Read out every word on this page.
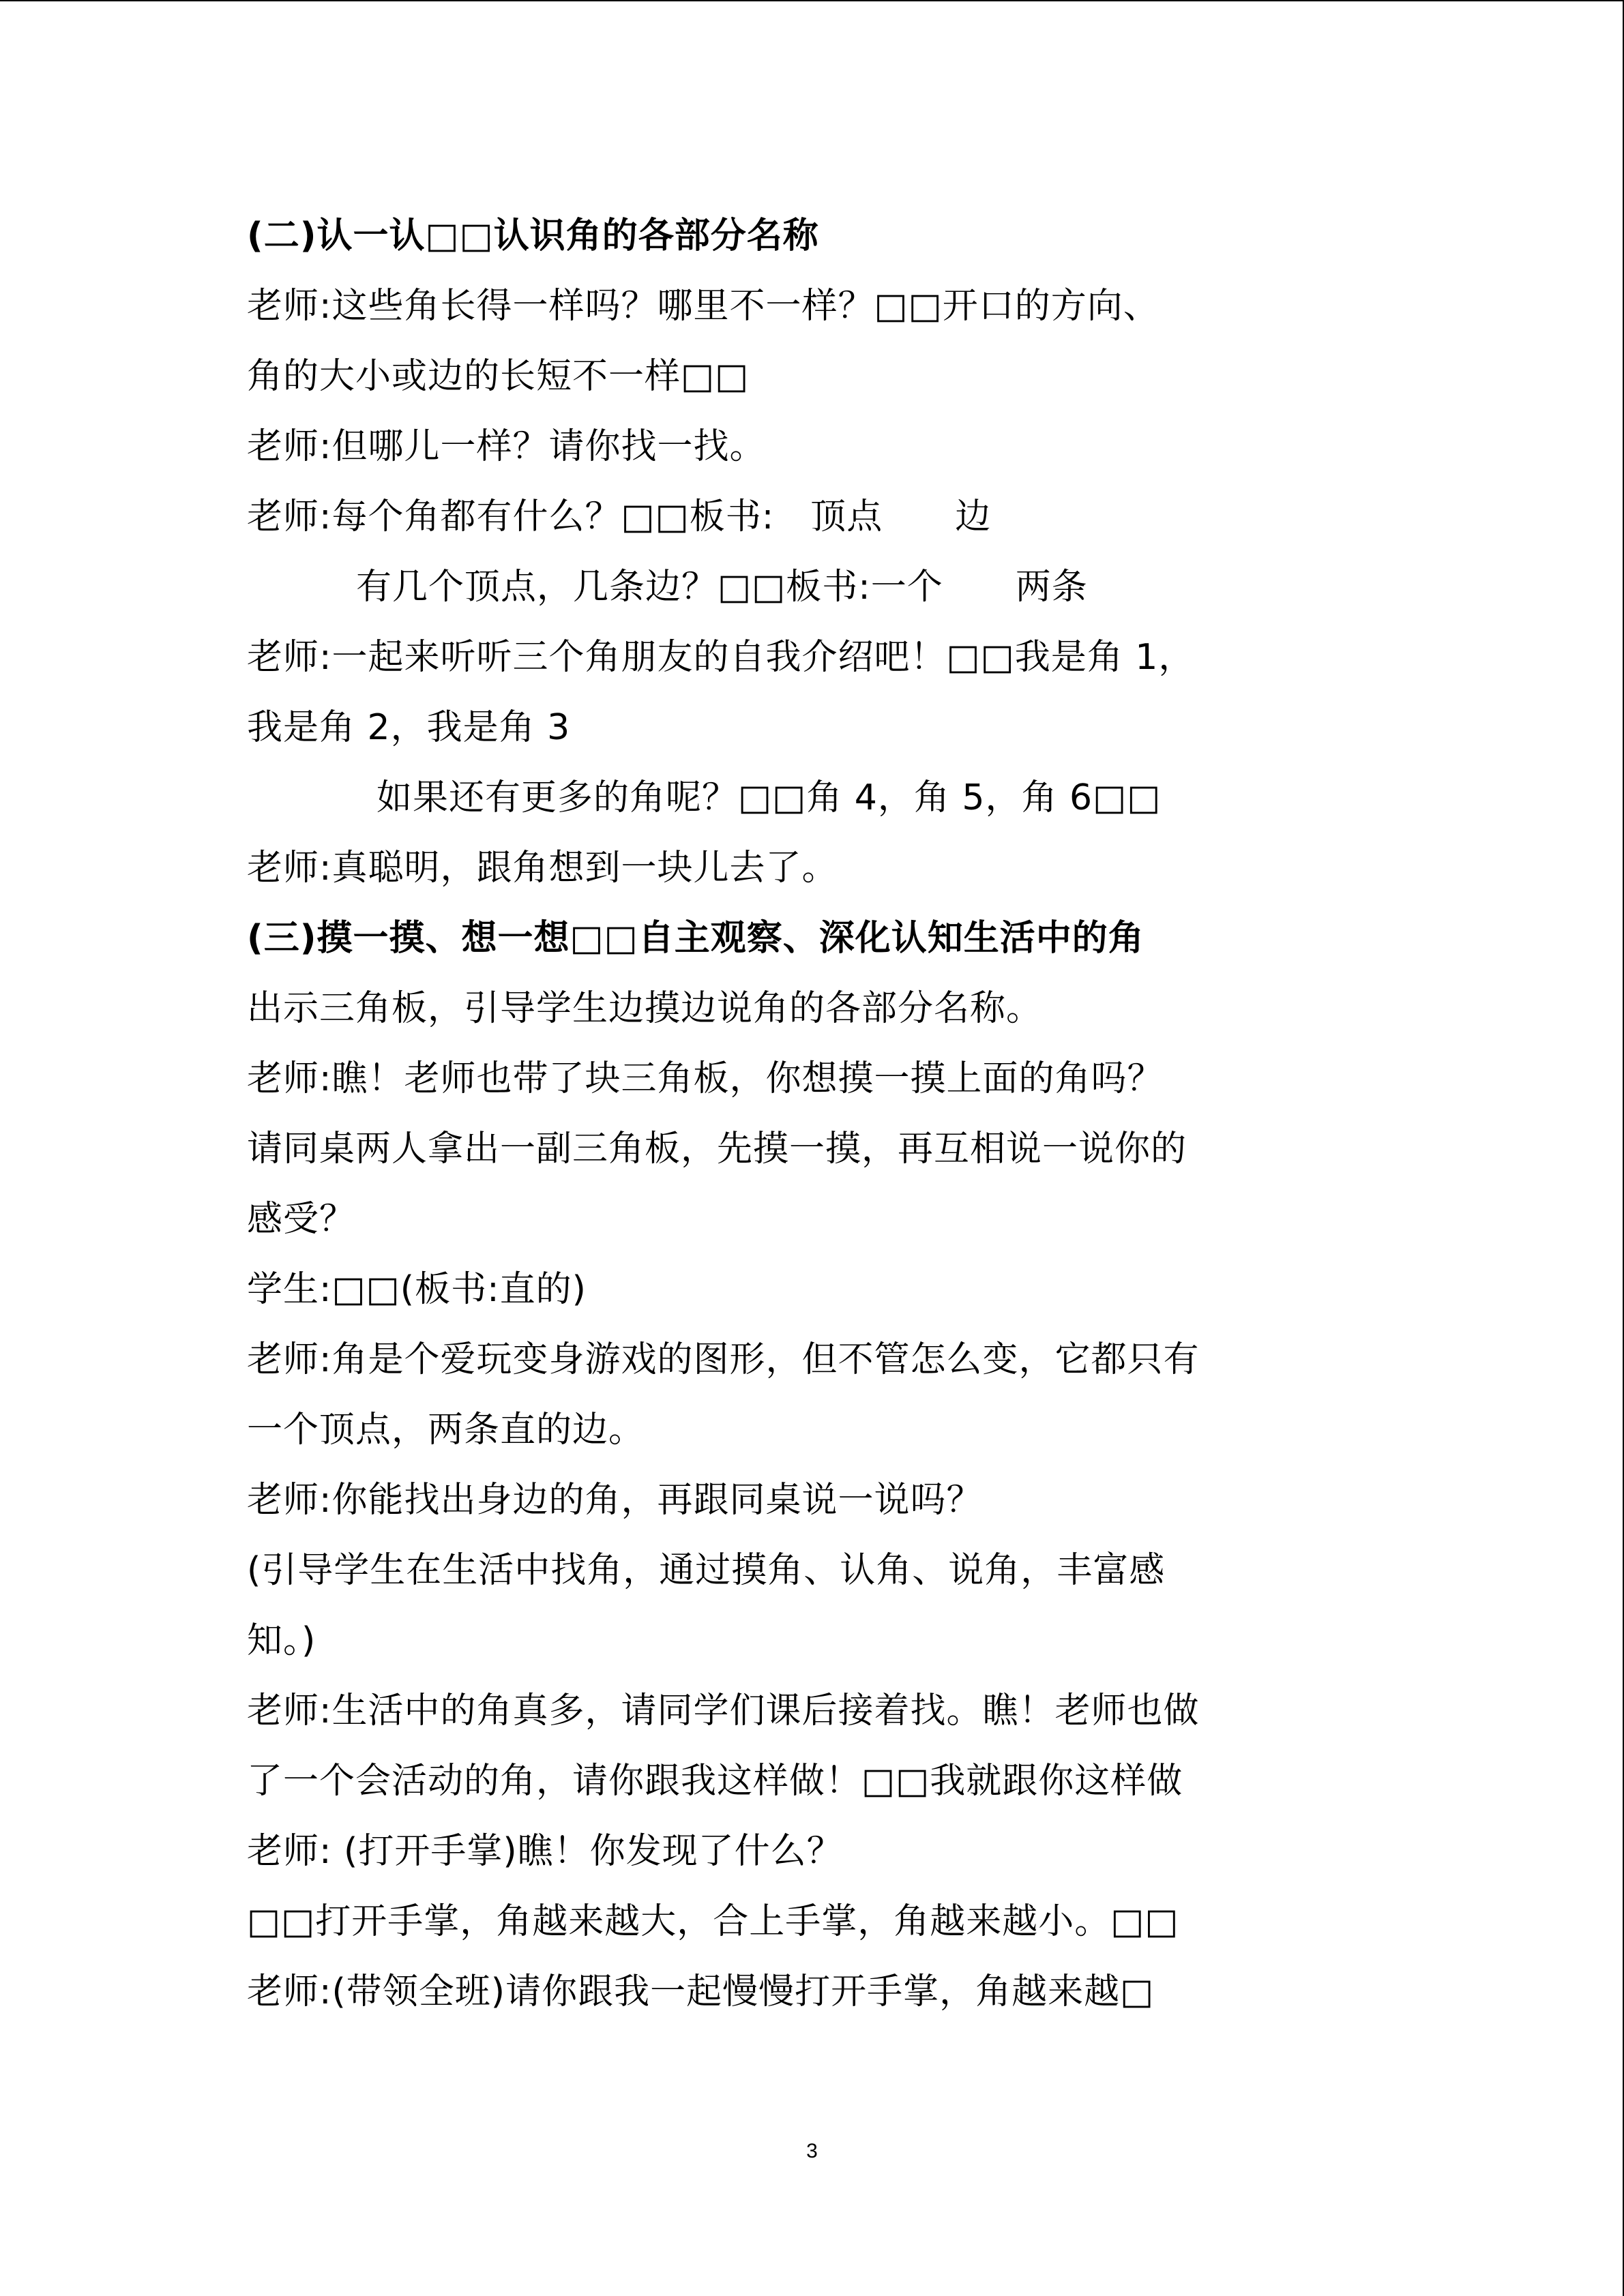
(二)认一认□□认识角的各部分名称
老师:这些角长得一样吗？哪里不一样？□□开口的方向、
角的大小或边的长短不一样□□
老师:但哪儿一样？请你找一找。
老师:每个角都有什么？□□板书:　顶点　　边
有几个顶点，几条边？□□板书:一个　　两条
老师:一起来听听三个角朋友的自我介绍吧！□□我是角 1，
我是角 2，我是角 3
如果还有更多的角呢？□□角 4，角 5，角 6□□
老师:真聪明，跟角想到一块儿去了。
(三)摸一摸、想一想□□自主观察、深化认知生活中的角
出示三角板，引导学生边摸边说角的各部分名称。
老师:瞧！老师也带了块三角板，你想摸一摸上面的角吗？
请同桌两人拿出一副三角板，先摸一摸，再互相说一说你的
感受？
学生:□□(板书:直的)
老师:角是个爱玩变身游戏的图形，但不管怎么变，它都只有
一个顶点，两条直的边。
老师:你能找出身边的角，再跟同桌说一说吗？
(引导学生在生活中找角，通过摸角、认角、说角，丰富感
知。)
老师:生活中的角真多，请同学们课后接着找。瞧！老师也做
了一个会活动的角，请你跟我这样做！□□我就跟你这样做
老师: (打开手掌)瞧！你发现了什么？
□□打开手掌，角越来越大，合上手掌，角越来越小。□□
老师:(带领全班)请你跟我一起慢慢打开手掌，角越来越□
3
